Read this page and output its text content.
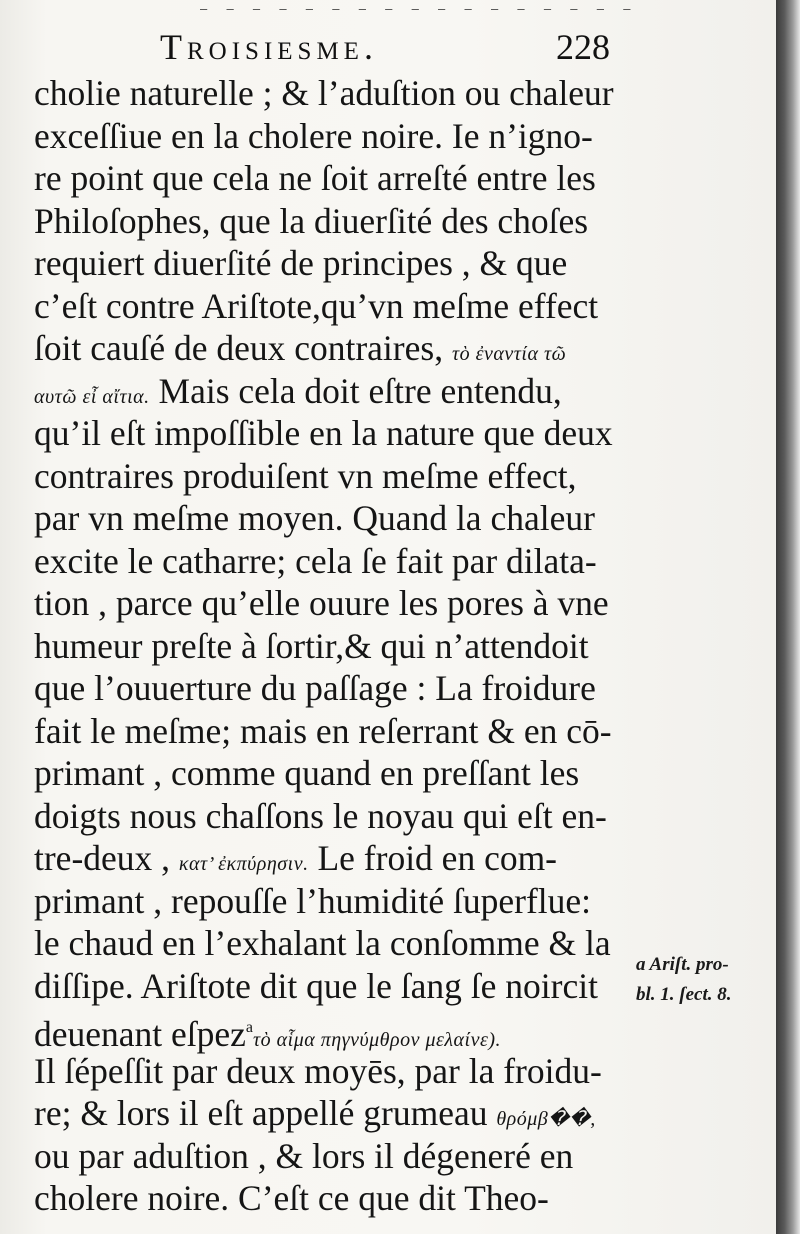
– – – – – – – – – – – – – – – – –
Troisiesme.	228
cholie naturelle ; & l’aduſtion ou chaleur
exceſſiue en la cholere noire. Ie n’igno-
re point que cela ne ſoit arreſté entre les
Philoſophes, que la diuerſité des choſes
requiert diuerſité de principes , & que
c’eſt contre Ariſtote,qu’vn meſme effect
ſoit cauſé de deux contraires, τὸ ἐναντία τῶ
αυτῶ εἶ αἴτια. Mais cela doit eſtre entendu,
qu’il eſt impoſſible en la nature que deux
contraires produiſent vn meſme effect,
par vn meſme moyen. Quand la chaleur
excite le catharre; cela ſe fait par dilata-
tion , parce qu’elle ouure les pores à vne
humeur preſte à ſortir,& qui n’attendoit
que l’ouuerture du paſſage : La froidure
fait le meſme; mais en reſerrant & en cō-
primant , comme quand en preſſant les
doigts nous chaſſons le noyau qui eſt en-
tre-deux , κατ’ ἐκπύρησιν. Le froid en com-
primant , repouſſe l’humidité ſuperflue:
le chaud en l’exhalant la conſomme & la
diſſipe. Ariſtote dit que le ſang ſe noircit
deuenant eſpez$^a$τὸ αἷμα πηγνύμθρον μελαίνε).
Il ſépeſſit par deux moyēs, par la froidu-
re; & lors il eſt appellé grumeau θρόμβ��,
ou par aduſtion , & lors il dégeneré en
cholere noire. C’eſt ce que dit Theo-
a Ariſt. pro-
bl. 1. ſect. 8.
